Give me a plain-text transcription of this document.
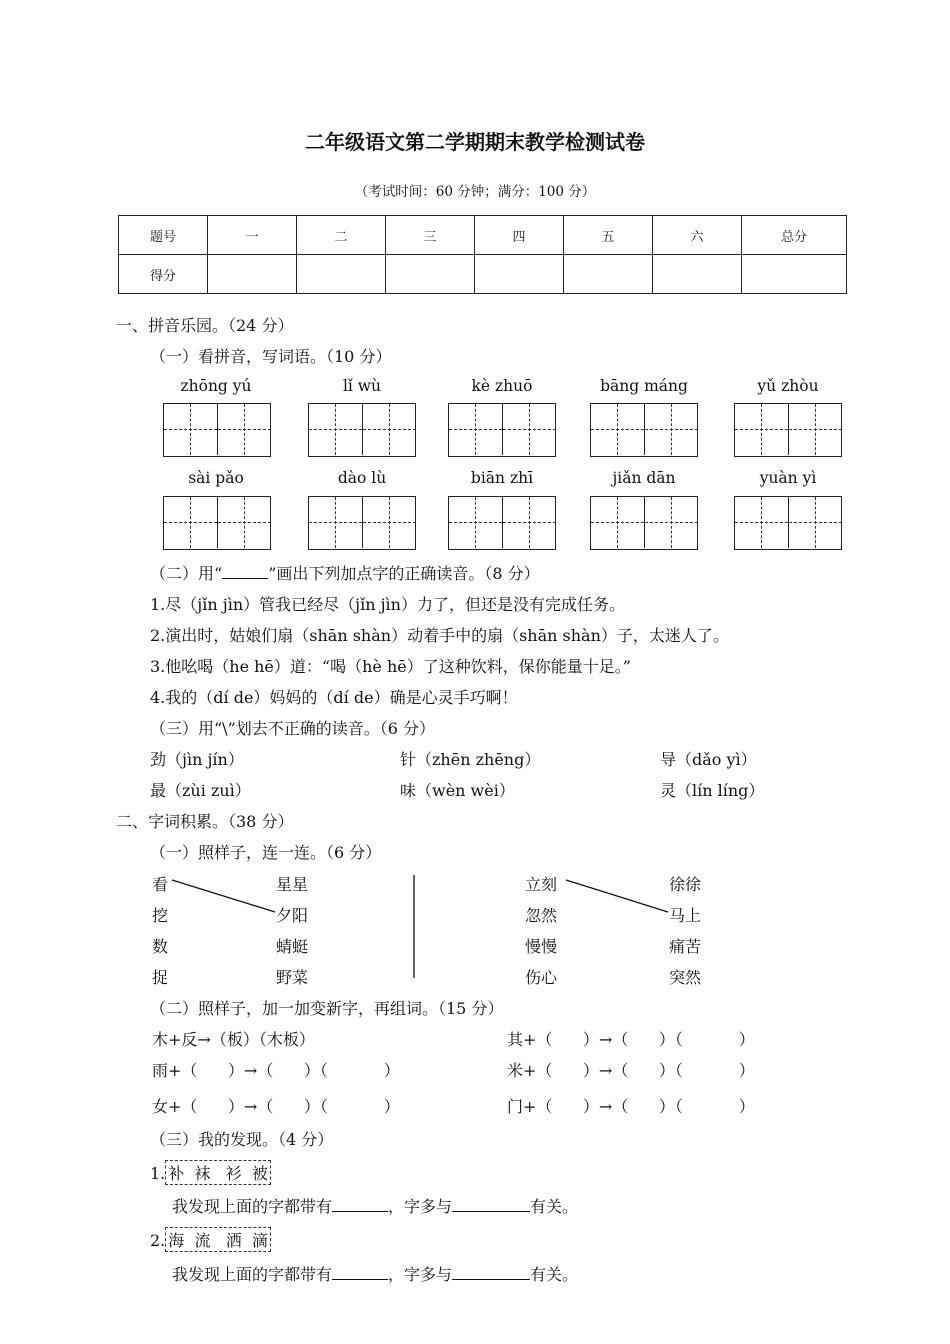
二年级语文第二学期期末教学检测试卷
（考试时间：60 分钟；满分：100 分）
题号	一	二	三	四	五	六	总分
得分							
一、拼音乐园。（24 分）
（一）看拼音，写词语。（10 分）
zhōng yú	lǐ wù	kè zhuō	bāng máng	yǔ zhòu
sài pǎo	dào lù	biān zhī	jiǎn dān	yuàn yì
（二）用“	”画出下列加点字的正确读音。（8 分）
1.尽（jǐn jìn）管我已经尽（jǐn jìn）力了，但还是没有完成任务。
2.演出时，姑娘们扇（shān shàn）动着手中的扇（shān shàn）子，太迷人了。
3.他吆喝（he hē）道：“喝（hè hē）了这种饮料，保你能量十足。”
4.我的（dí de）妈妈的（dí de）确是心灵手巧啊！
（三）用“\”划去不正确的读音。（6 分）
劲（jìn jín）	针（zhēn zhēng）	导（dǎo yì）
最（zùi zuì）	味（wèn wèi）	灵（lín líng）
二、字词积累。（38 分）
（一）照样子，连一连。（6 分）
看
挖
数
捉
星星
夕阳
蜻蜓
野菜
立刻
忽然
慢慢
伤心
徐徐
马上
痛苦
突然
（二）照样子，加一加变新字，再组词。（15 分）
木+反→（板）（木板）	其+（      ）→（      ）（           ）
雨+（      ）→（      ）（           ）	米+（      ）→（      ）（           ）
女+（      ）→（      ）（           ）	门+（      ）→（      ）（           ）
（三）我的发现。（4 分）
1. 补  袜   衫  被
我发现上面的字都带有	，字多与	有关。
2. 海  流   洒  滴
我发现上面的字都带有	，字多与	有关。
